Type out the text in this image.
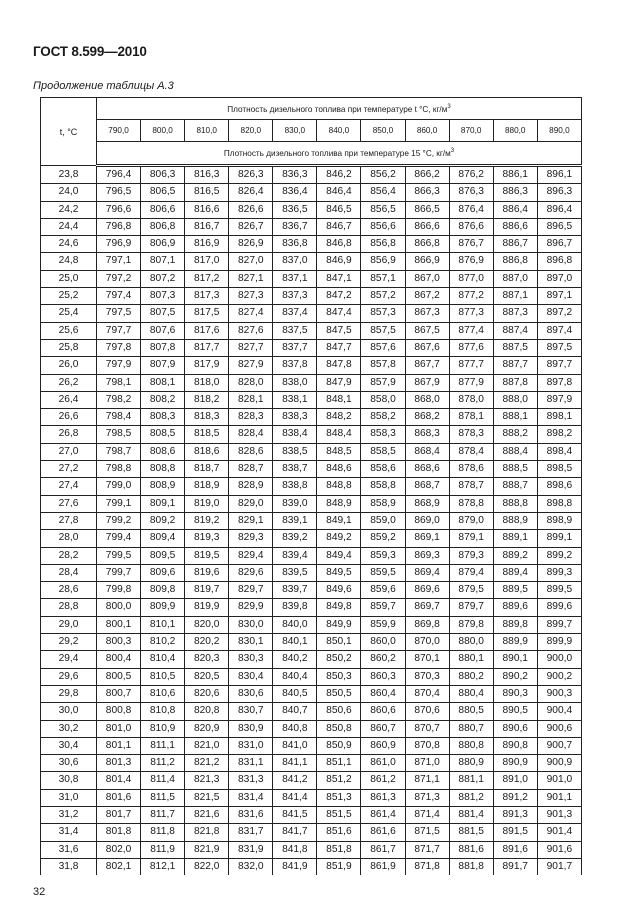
ГОСТ 8.599—2010
Продолжение таблицы А.3
t, °С	Плотность дизельного топлива при температуре t °С, $кг/м^3$
	790,0	800,0	810,0	820,0	830,0	840,0	850,0	860,0	870,0	880,0	890,0
	Плотность дизельного топлива при температуре 15 °С, $кг/м^3$
23,8	796,4	806,3	816,3	826,3	836,3	846,2	856,2	866,2	876,2	886,1	896,1
24,0	796,5	806,5	816,5	826,4	836,4	846,4	856,4	866,3	876,3	886,3	896,3
24,2	796,6	806,6	816,6	826,6	836,5	846,5	856,5	866,5	876,4	886,4	896,4
24,4	796,8	806,8	816,7	826,7	836,7	846,7	856,6	866,6	876,6	886,6	896,5
24,6	796,9	806,9	816,9	826,9	836,8	846,8	856,8	866,8	876,7	886,7	896,7
24,8	797,1	807,1	817,0	827,0	837,0	846,9	856,9	866,9	876,9	886,8	896,8
25,0	797,2	807,2	817,2	827,1	837,1	847,1	857,1	867,0	877,0	887,0	897,0
25,2	797,4	807,3	817,3	827,3	837,3	847,2	857,2	867,2	877,2	887,1	897,1
25,4	797,5	807,5	817,5	827,4	837,4	847,4	857,3	867,3	877,3	887,3	897,2
25,6	797,7	807,6	817,6	827,6	837,5	847,5	857,5	867,5	877,4	887,4	897,4
25,8	797,8	807,8	817,7	827,7	837,7	847,7	857,6	867,6	877,6	887,5	897,5
26,0	797,9	807,9	817,9	827,9	837,8	847,8	857,8	867,7	877,7	887,7	897,7
26,2	798,1	808,1	818,0	828,0	838,0	847,9	857,9	867,9	877,9	887,8	897,8
26,4	798,2	808,2	818,2	828,1	838,1	848,1	858,0	868,0	878,0	888,0	897,9
26,6	798,4	808,3	818,3	828,3	838,3	848,2	858,2	868,2	878,1	888,1	898,1
26,8	798,5	808,5	818,5	828,4	838,4	848,4	858,3	868,3	878,3	888,2	898,2
27,0	798,7	808,6	818,6	828,6	838,5	848,5	858,5	868,4	878,4	888,4	898,4
27,2	798,8	808,8	818,7	828,7	838,7	848,6	858,6	868,6	878,6	888,5	898,5
27,4	799,0	808,9	818,9	828,9	838,8	848,8	858,8	868,7	878,7	888,7	898,6
27,6	799,1	809,1	819,0	829,0	839,0	848,9	858,9	868,9	878,8	888,8	898,8
27,8	799,2	809,2	819,2	829,1	839,1	849,1	859,0	869,0	879,0	888,9	898,9
28,0	799,4	809,4	819,3	829,3	839,2	849,2	859,2	869,1	879,1	889,1	899,1
28,2	799,5	809,5	819,5	829,4	839,4	849,4	859,3	869,3	879,3	889,2	899,2
28,4	799,7	809,6	819,6	829,6	839,5	849,5	859,5	869,4	879,4	889,4	899,3
28,6	799,8	809,8	819,7	829,7	839,7	849,6	859,6	869,6	879,5	889,5	899,5
28,8	800,0	809,9	819,9	829,9	839,8	849,8	859,7	869,7	879,7	889,6	899,6
29,0	800,1	810,1	820,0	830,0	840,0	849,9	859,9	869,8	879,8	889,8	899,7
29,2	800,3	810,2	820,2	830,1	840,1	850,1	860,0	870,0	880,0	889,9	899,9
29,4	800,4	810,4	820,3	830,3	840,2	850,2	860,2	870,1	880,1	890,1	900,0
29,6	800,5	810,5	820,5	830,4	840,4	850,3	860,3	870,3	880,2	890,2	900,2
29,8	800,7	810,6	820,6	830,6	840,5	850,5	860,4	870,4	880,4	890,3	900,3
30,0	800,8	810,8	820,8	830,7	840,7	850,6	860,6	870,6	880,5	890,5	900,4
30,2	801,0	810,9	820,9	830,9	840,8	850,8	860,7	870,7	880,7	890,6	900,6
30,4	801,1	811,1	821,0	831,0	841,0	850,9	860,9	870,8	880,8	890,8	900,7
30,6	801,3	811,2	821,2	831,1	841,1	851,1	861,0	871,0	880,9	890,9	900,9
30,8	801,4	811,4	821,3	831,3	841,2	851,2	861,2	871,1	881,1	891,0	901,0
31,0	801,6	811,5	821,5	831,4	841,4	851,3	861,3	871,3	881,2	891,2	901,1
31,2	801,7	811,7	821,6	831,6	841,5	851,5	861,4	871,4	881,4	891,3	901,3
31,4	801,8	811,8	821,8	831,7	841,7	851,6	861,6	871,5	881,5	891,5	901,4
31,6	802,0	811,9	821,9	831,9	841,8	851,8	861,7	871,7	881,6	891,6	901,6
31,8	802,1	812,1	822,0	832,0	841,9	851,9	861,9	871,8	881,8	891,7	901,7
32
